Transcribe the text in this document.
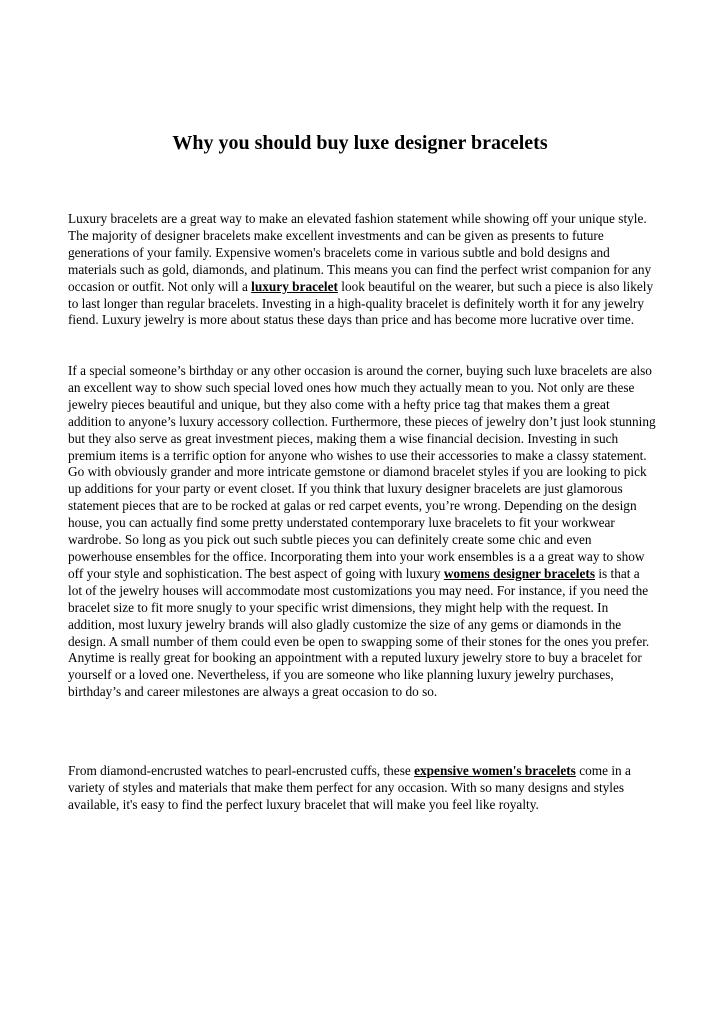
Why you should buy luxe designer bracelets

Luxury bracelets are a great way to make an elevated fashion statement while showing off your unique style. The majority of designer bracelets make excellent investments and can be given as presents to future generations of your family. Expensive women's bracelets come in various subtle and bold designs and materials such as gold, diamonds, and platinum. This means you can find the perfect wrist companion for any occasion or outfit. Not only will a luxury bracelet look beautiful on the wearer, but such a piece is also likely to last longer than regular bracelets. Investing in a high-quality bracelet is definitely worth it for any jewelry fiend. Luxury jewelry is more about status these days than price and has become more lucrative over time.

If a special someone’s birthday or any other occasion is around the corner, buying such luxe bracelets are also an excellent way to show such special loved ones how much they actually mean to you. Not only are these jewelry pieces beautiful and unique, but they also come with a hefty price tag that makes them a great addition to anyone’s luxury accessory collection. Furthermore, these pieces of jewelry don’t just look stunning but they also serve as great investment pieces, making them a wise financial decision. Investing in such premium items is a terrific option for anyone who wishes to use their accessories to make a classy statement. Go with obviously grander and more intricate gemstone or diamond bracelet styles if you are looking to pick up additions for your party or event closet. If you think that luxury designer bracelets are just glamorous statement pieces that are to be rocked at galas or red carpet events, you’re wrong. Depending on the design house, you can actually find some pretty understated contemporary luxe bracelets to fit your workwear wardrobe. So long as you pick out such subtle pieces you can definitely create some chic and even powerhouse ensembles for the office. Incorporating them into your work ensembles is a a great way to show off your style and sophistication. The best aspect of going with luxury womens designer bracelets is that a lot of the jewelry houses will accommodate most customizations you may need. For instance, if you need the bracelet size to fit more snugly to your specific wrist dimensions, they might help with the request. In addition, most luxury jewelry brands will also gladly customize the size of any gems or diamonds in the design. A small number of them could even be open to swapping some of their stones for the ones you prefer. Anytime is really great for booking an appointment with a reputed luxury jewelry store to buy a bracelet for yourself or a loved one. Nevertheless, if you are someone who like planning luxury jewelry purchases, birthday’s and career milestones are always a great occasion to do so.

From diamond-encrusted watches to pearl-encrusted cuffs, these expensive women's bracelets come in a variety of styles and materials that make them perfect for any occasion. With so many designs and styles available, it's easy to find the perfect luxury bracelet that will make you feel like royalty.
